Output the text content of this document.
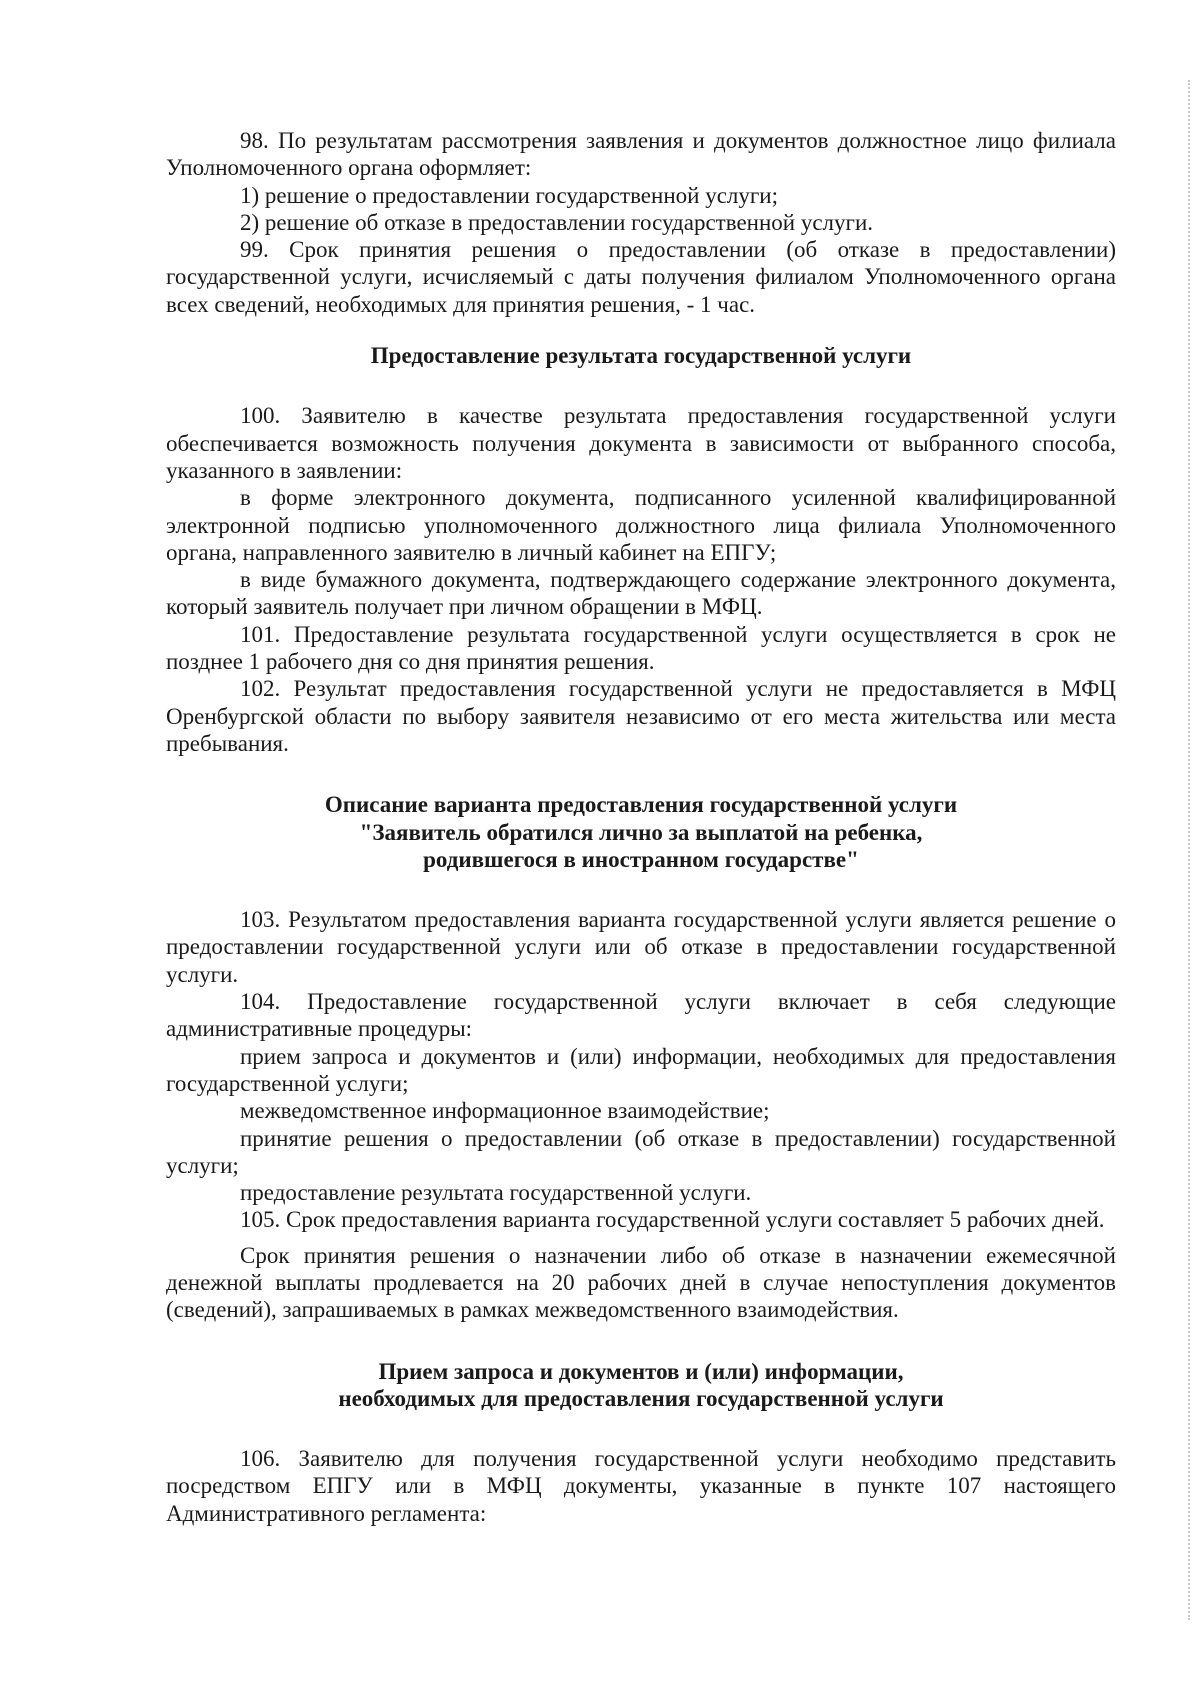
98. По результатам рассмотрения заявления и документов должностное лицо филиала Уполномоченного органа оформляет:

1) решение о предоставлении государственной услуги;

2) решение об отказе в предоставлении государственной услуги.

99. Срок принятия решения о предоставлении (об отказе в предоставлении) государственной услуги, исчисляемый с даты получения филиалом Уполномоченного органа всех сведений, необходимых для принятия решения, - 1 час.

Предоставление результата государственной услуги

100. Заявителю в качестве результата предоставления государственной услуги обеспечивается возможность получения документа в зависимости от выбранного способа, указанного в заявлении:

в форме электронного документа, подписанного усиленной квалифицированной электронной подписью уполномоченного должностного лица филиала Уполномоченного органа, направленного заявителю в личный кабинет на ЕПГУ;

в виде бумажного документа, подтверждающего содержание электронного документа, который заявитель получает при личном обращении в МФЦ.

101. Предоставление результата государственной услуги осуществляется в срок не позднее 1 рабочего дня со дня принятия решения.

102. Результат предоставления государственной услуги не предоставляется в МФЦ Оренбургской области по выбору заявителя независимо от его места жительства или места пребывания.

Описание варианта предоставления государственной услуги
"Заявитель обратился лично за выплатой на ребенка,
родившегося в иностранном государстве"

103. Результатом предоставления варианта государственной услуги является решение о предоставлении государственной услуги или об отказе в предоставлении государственной услуги.

104. Предоставление государственной услуги включает в себя следующие административные процедуры:

прием запроса и документов и (или) информации, необходимых для предоставления государственной услуги;

межведомственное информационное взаимодействие;

принятие решения о предоставлении (об отказе в предоставлении) государственной услуги;

предоставление результата государственной услуги.

105. Срок предоставления варианта государственной услуги составляет 5 рабочих дней.

Срок принятия решения о назначении либо об отказе в назначении ежемесячной денежной выплаты продлевается на 20 рабочих дней в случае непоступления документов (сведений), запрашиваемых в рамках межведомственного взаимодействия.

Прием запроса и документов и (или) информации,
необходимых для предоставления государственной услуги

106. Заявителю для получения государственной услуги необходимо представить посредством ЕПГУ или в МФЦ документы, указанные в пункте 107 настоящего Административного регламента:
